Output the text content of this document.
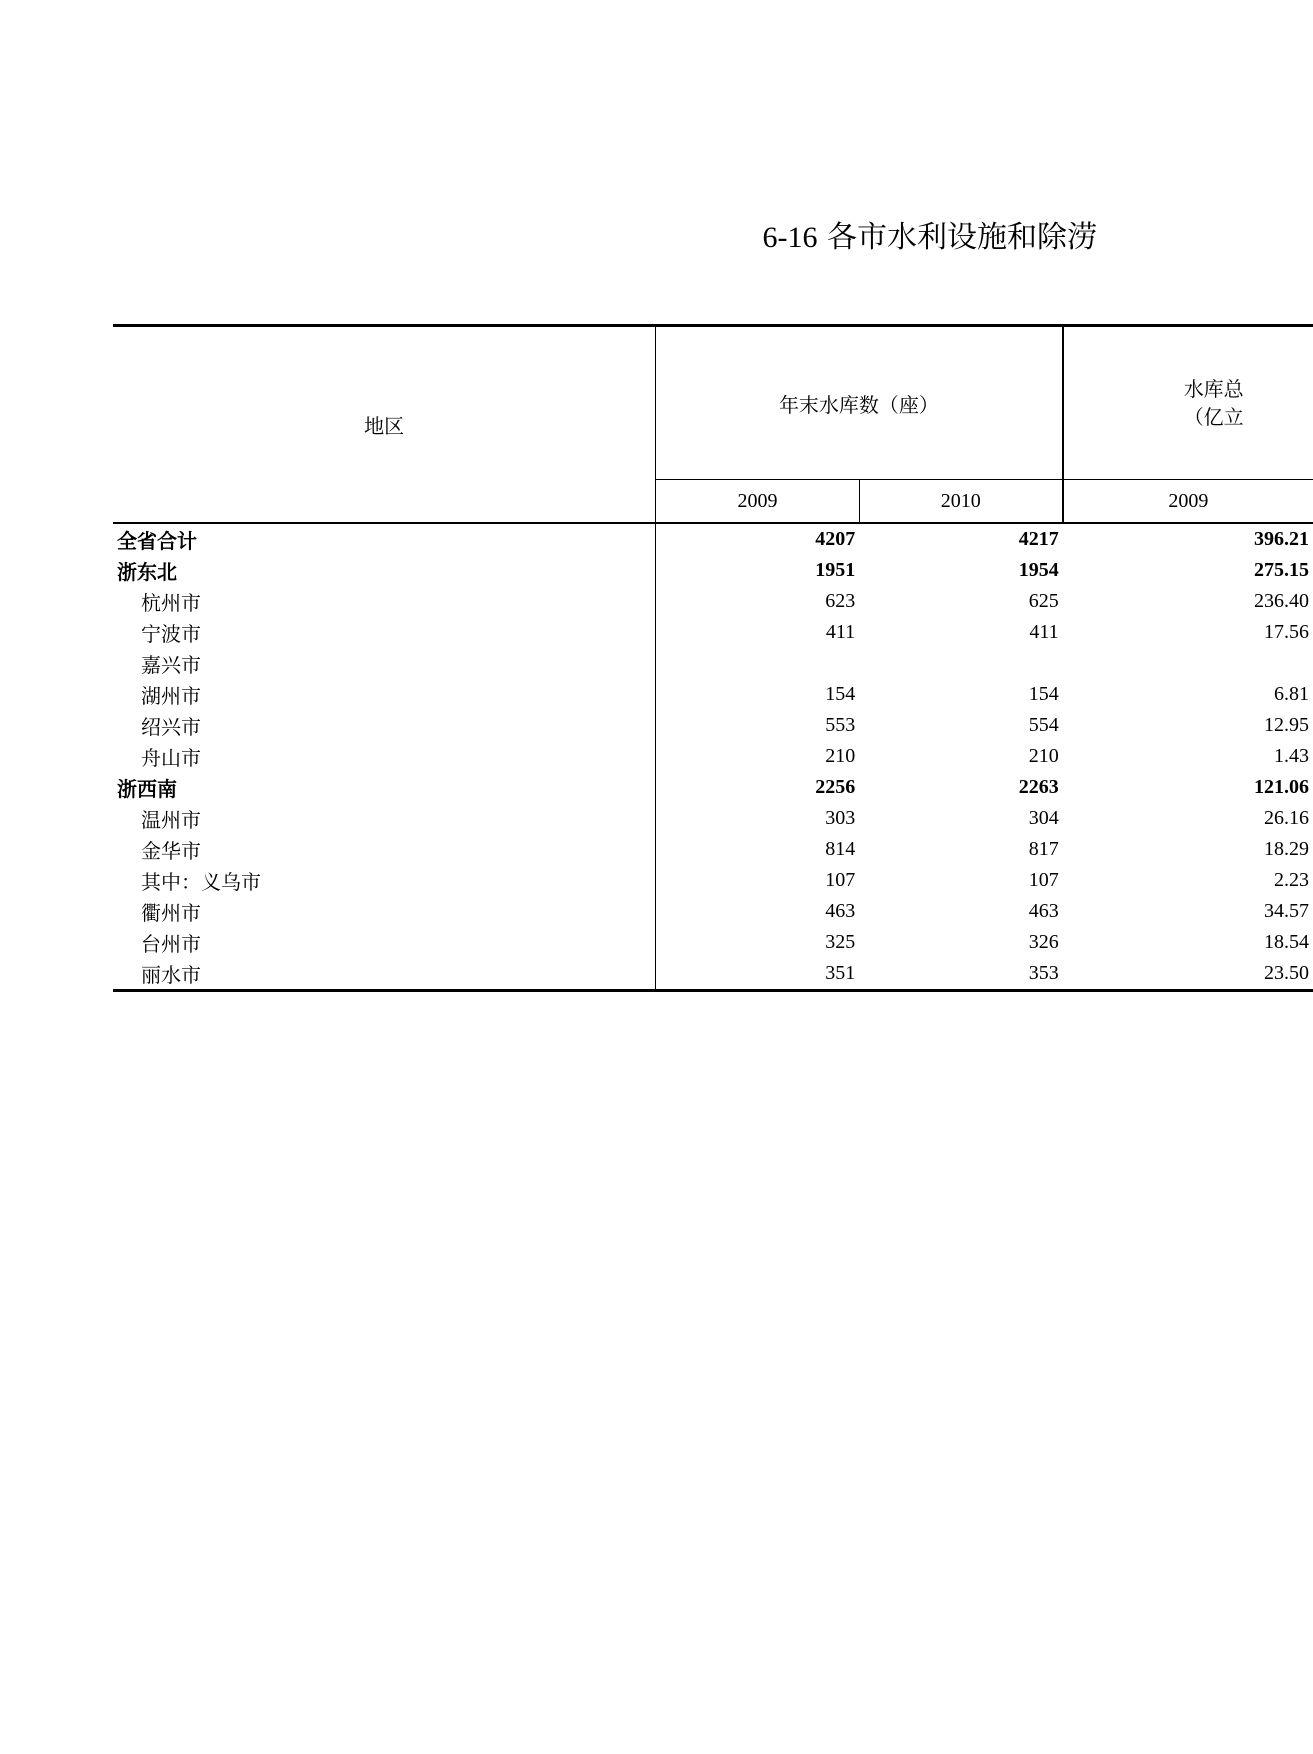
6-16 各市水利设施和除涝
地区	年末水库数（座）		水库总
（亿立

	2009	2010	2009
全省合计	4207	4217	396.21
浙东北	1951	1954	275.15
杭州市	623	625	236.40
宁波市	411	411	17.56
嘉兴市			
湖州市	154	154	6.81
绍兴市	553	554	12.95
舟山市	210	210	1.43
浙西南	2256	2263	121.06
温州市	303	304	26.16
金华市	814	817	18.29
其中：义乌市	107	107	2.23
衢州市	463	463	34.57
台州市	325	326	18.54
丽水市	351	353	23.50
